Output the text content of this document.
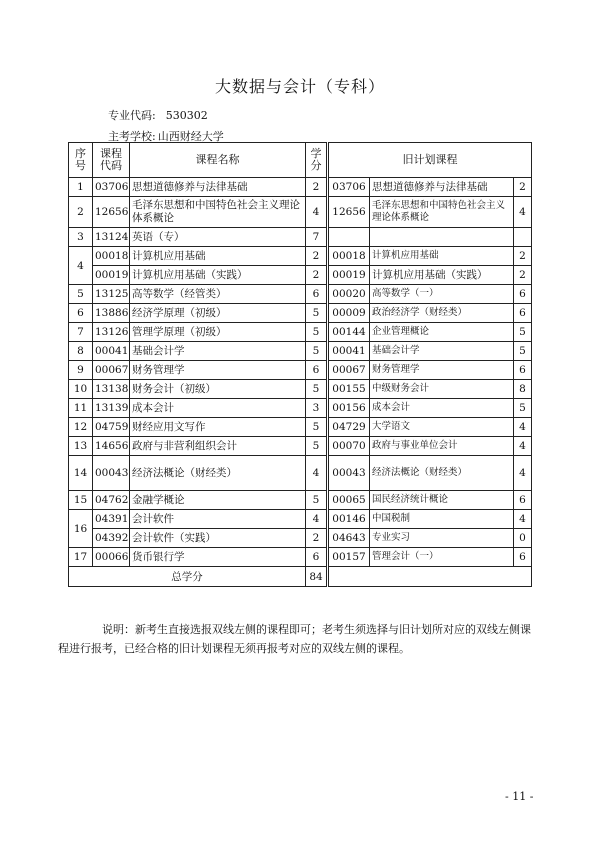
大数据与会计（专科）
专业代码: 530302
主考学校: 山西财经大学
序号	课程代码	课程名称	学分	旧计划课程		
1	03706	思想道德修养与法律基础	2	03706	思想道德修养与法律基础	2
2	12656	毛泽东思想和中国特色社会主义理论体系概论	4	12656	毛泽东思想和中国特色社会主义理论体系概论	4
3	13124	英语（专）	7			
4	00018	计算机应用基础	2	00018	计算机应用基础	2
	00019	计算机应用基础（实践）	2	00019	计算机应用基础（实践）	2
5	13125	高等数学（经管类）	6	00020	高等数学（一）	6
6	13886	经济学原理（初级）	5	00009	政治经济学（财经类）	6
7	13126	管理学原理（初级）	5	00144	企业管理概论	5
8	00041	基础会计学	5	00041	基础会计学	5
9	00067	财务管理学	6	00067	财务管理学	6
10	13138	财务会计（初级）	5	00155	中级财务会计	8
11	13139	成本会计	3	00156	成本会计	5
12	04759	财经应用文写作	5	04729	大学语文	4
13	14656	政府与非营利组织会计	5	00070	政府与事业单位会计	4
14	00043	经济法概论（财经类）	4	00043	经济法概论（财经类）	4
15	04762	金融学概论	5	00065	国民经济统计概论	6
16	04391	会计软件	4	00146	中国税制	4
	04392	会计软件（实践）	2	04643	专业实习	0
17	00066	货币银行学	6	00157	管理会计（一）	6
总学分			84			
说明：新考生直接选报双线左侧的课程即可；老考生须选择与旧计划所对应的双线左侧课程进行报考，已经合格的旧计划课程无须再报考对应的双线左侧的课程。
- 11 -
